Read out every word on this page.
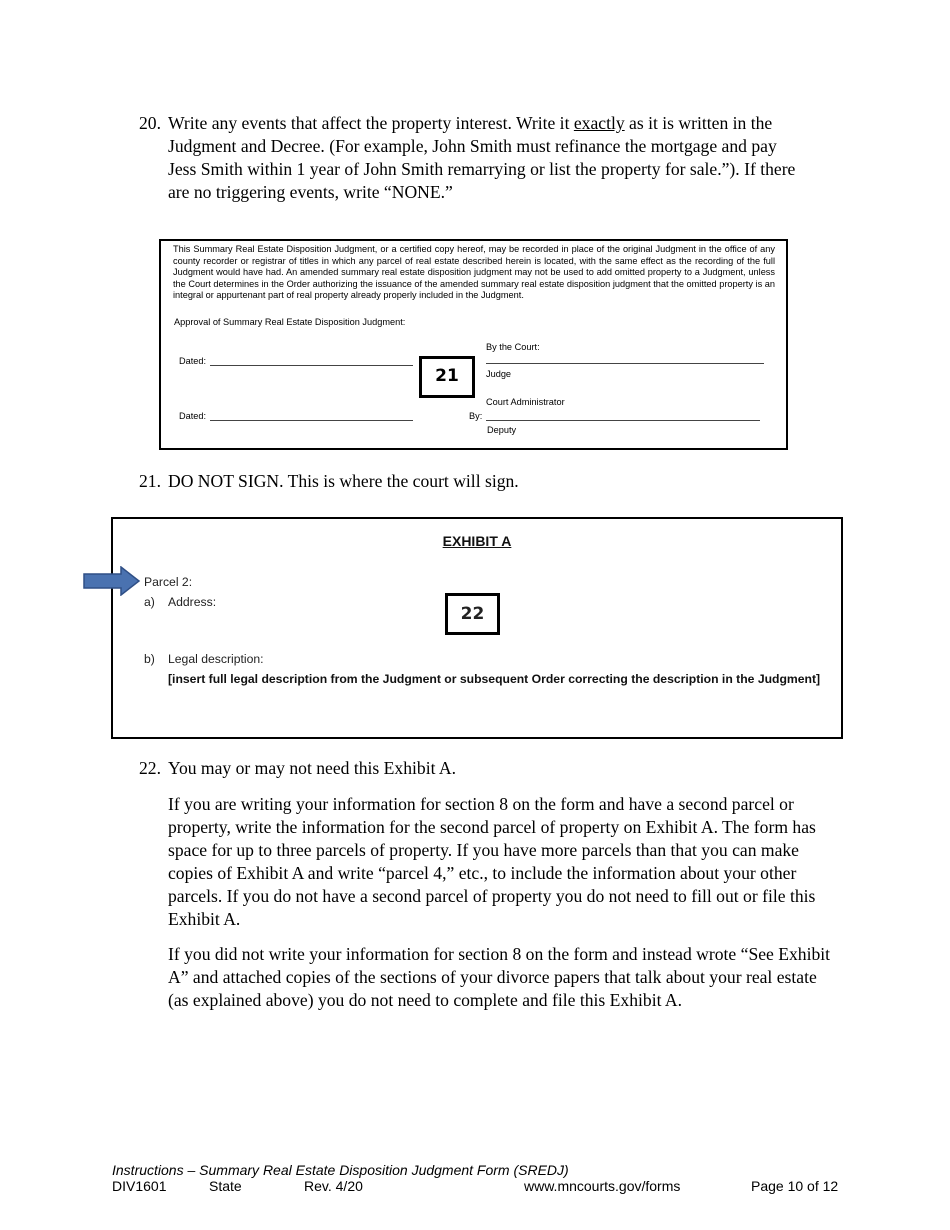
20. Write any events that affect the property interest. Write it exactly as it is written in the
Judgment and Decree. (For example, John Smith must refinance the mortgage and pay
Jess Smith within 1 year of John Smith remarrying or list the property for sale.”). If there
are no triggering events, write “NONE.”
This Summary Real Estate Disposition Judgment, or a certified copy hereof, may be recorded in place of the original Judgment in the office of any county recorder or registrar of titles in which any parcel of real estate described herein is located, with the same effect as the recording of the full Judgment would have had. An amended summary real estate disposition judgment may not be used to add omitted property to a Judgment, unless the Court determines in the Order authorizing the issuance of the amended summary real estate disposition judgment that the omitted property is an integral or appurtenant part of real property already properly included in the Judgment.
Approval of Summary Real Estate Disposition Judgment:
Dated:
By the Court:
Judge
Court Administrator
Dated:	By:
Deputy
21
21. DO NOT SIGN. This is where the court will sign.
EXHIBIT A
Parcel 2:
a) Address:
b) Legal description:
[insert full legal description from the Judgment or subsequent Order correcting the description in the Judgment]
22
22. You may or may not need this Exhibit A.
If you are writing your information for section 8 on the form and have a second parcel or property, write the information for the second parcel of property on Exhibit A. The form has space for up to three parcels of property. If you have more parcels than that you can make copies of Exhibit A and write “parcel 4,” etc., to include the information about your other parcels. If you do not have a second parcel of property you do not need to fill out or file this Exhibit A.
If you did not write your information for section 8 on the form and instead wrote “See Exhibit A” and attached copies of the sections of your divorce papers that talk about your real estate (as explained above) you do not need to complete and file this Exhibit A.
Instructions – Summary Real Estate Disposition Judgment Form (SREDJ)
DIV1601	State	Rev. 4/20	www.mncourts.gov/forms	Page 10 of 12
